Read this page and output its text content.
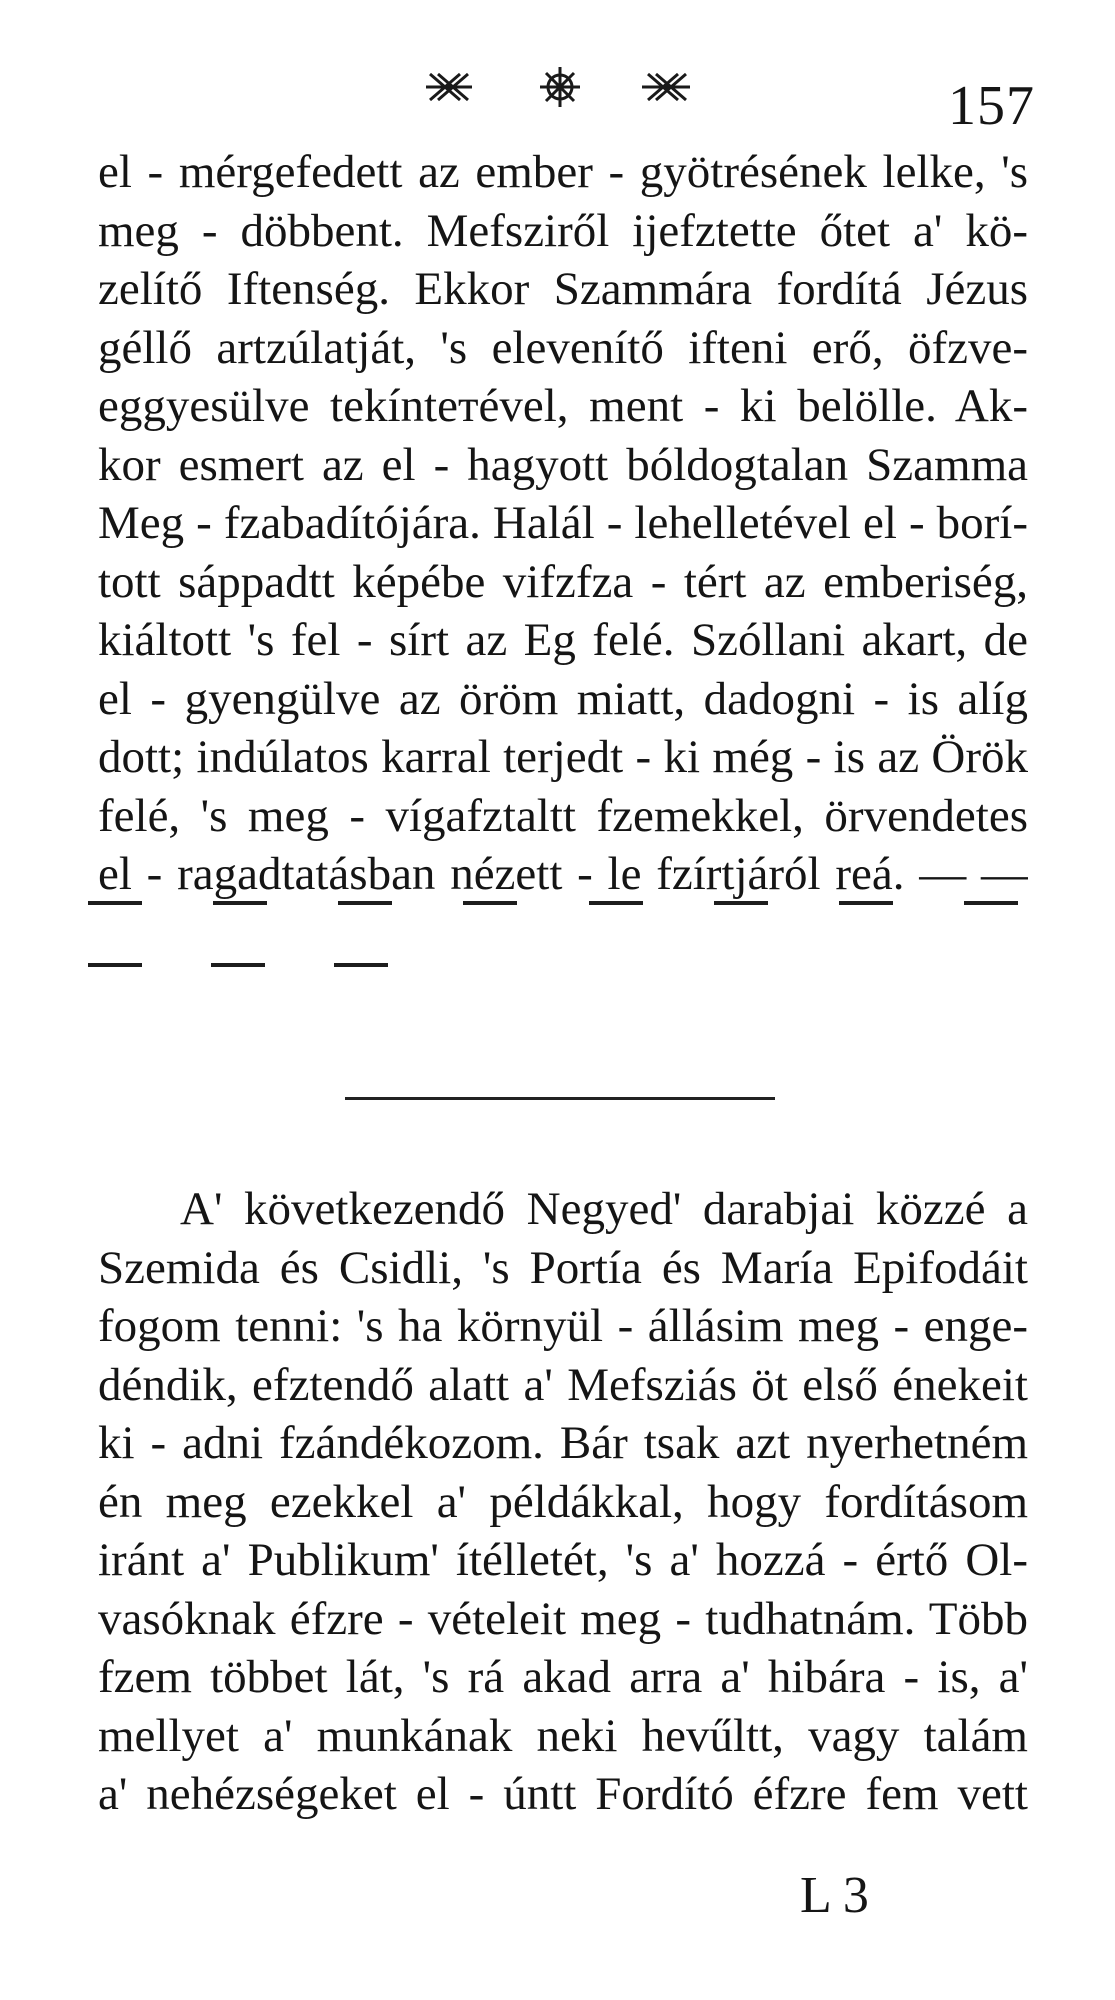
157
el - mérgefedett az ember - gyötrésének lelke, 's
meg - döbbent. Mefsziről ijefztette őtet a' kö-
zelítő Iftenség. Ekkor Szammára fordítá Jézus
géllő artzúlatját, 's elevenítő ifteni erő, öfzve-
eggyesülve tekínteтével, ment - ki belölle. Ak-
kor esmert az el - hagyott bóldogtalan Szamma
Meg - fzabadítójára. Halál - lehelletével el - borí-
tott sáppadtt képébe vifzfza - tért az emberiség,
kiáltott 's fel - sírt az Eg felé. Szóllani akart, de
el - gyengülve az öröm miatt, dadogni - is alíg
dott; indúlatos karral terjedt - ki még - is az Örök
felé, 's meg - vígafztaltt fzemekkel, örvendetes
el - ragadtatásban nézett - le fzírtjáról reá. — —
A' következendő Negyed' darabjai közzé a
Szemida és Csidli, 's Portía és María Epifodáit
fogom tenni: 's ha környül - állásim meg - enge-
déndik, efztendő alatt a' Mefsziás öt első énekeit
ki - adni fzándékozom. Bár tsak azt nyerhetném
én meg ezekkel a' példákkal, hogy fordításom
iránt a' Publikum' ítélletét, 's a' hozzá - értő Ol-
vasóknak éfzre - vételeit meg - tudhatnám. Több
fzem többet lát, 's rá akad arra a' hibára - is, a'
mellyet a' munkának neki hevűltt, vagy talám
a' nehézségeket el - úntt Fordító éfzre fem vett
L 3
